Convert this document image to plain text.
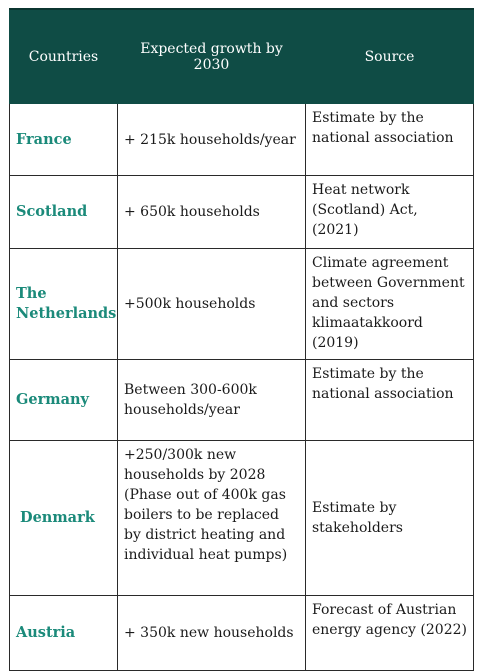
Countries	Expected growth by 2030	Source
France	+ 215k households/year	Estimate by the national association
Scotland	+ 650k households	Heat network (Scotland) Act, (2021)
The Netherlands	+500k households	Climate agreement between Government and sectors klimaatakkoord (2019)
Germany	Between 300-600k households/year	Estimate by the national association
Denmark	+250/300k new households by 2028 (Phase out of 400k gas boilers to be replaced by district heating and individual heat pumps)	Estimate by stakeholders
Austria	+ 350k new households	Forecast of Austrian energy agency (2022)
